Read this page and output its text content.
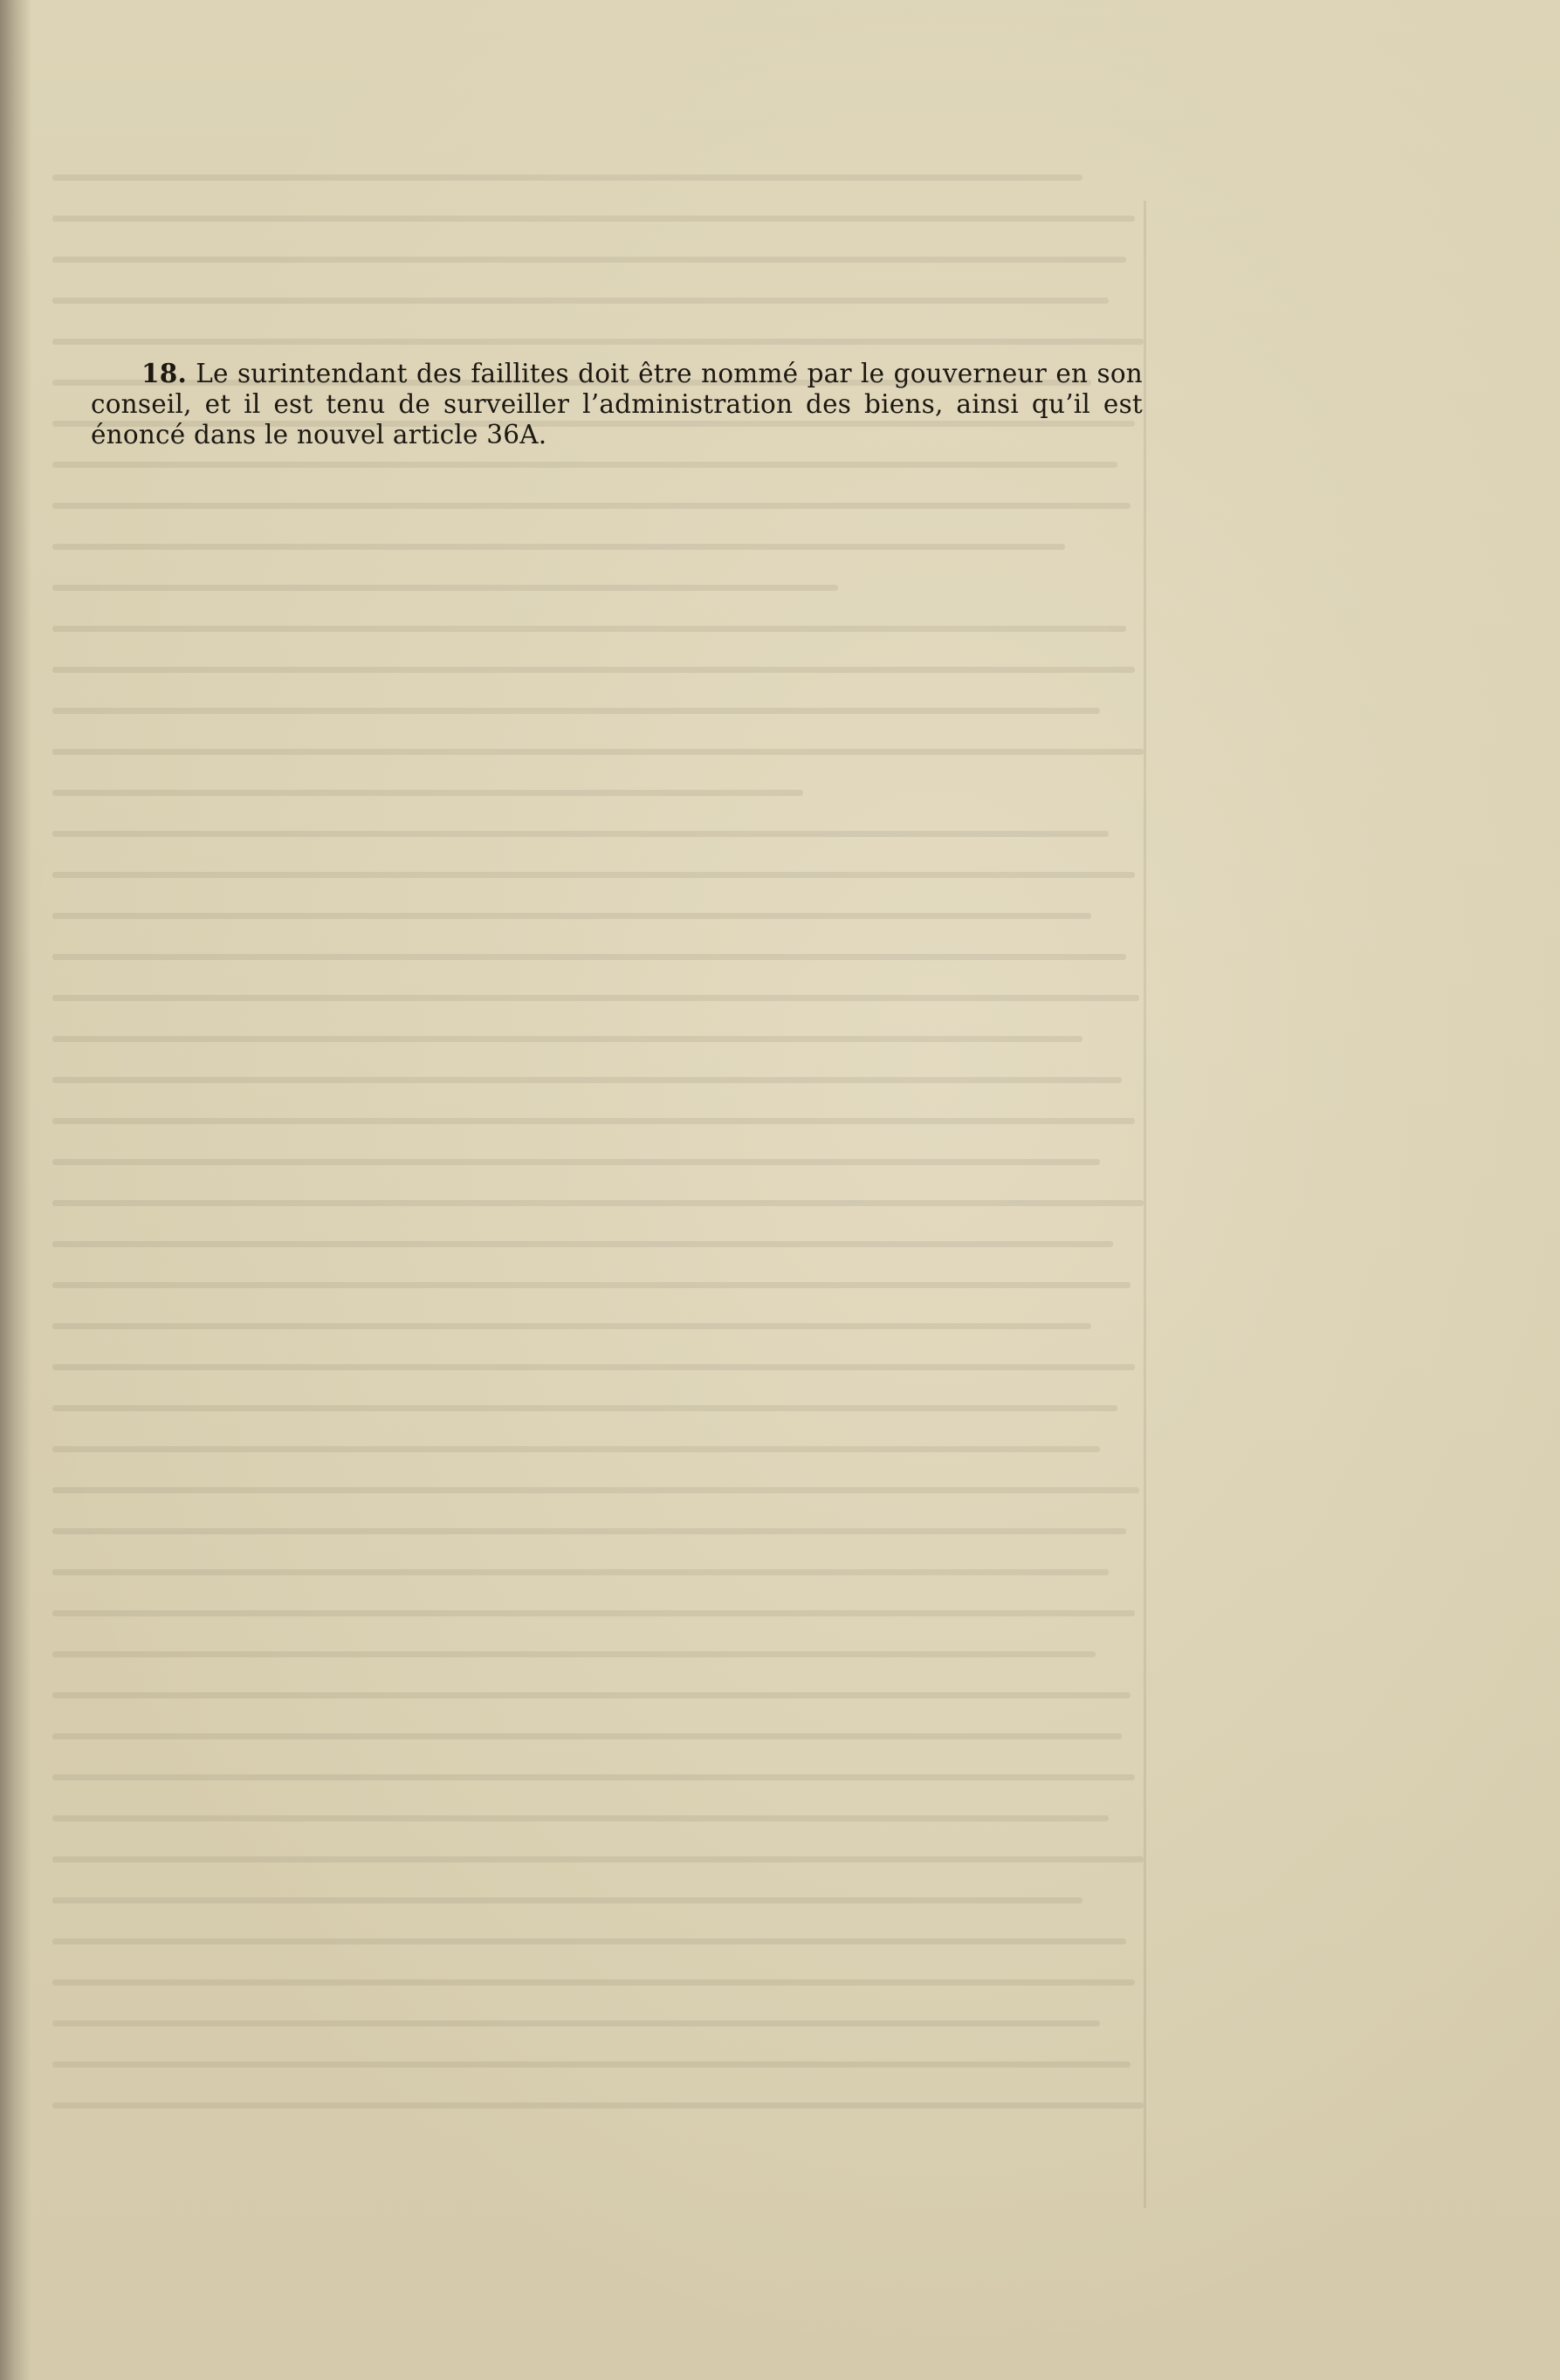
18. Le surintendant des faillites doit être nommé par le gouverneur en son conseil, et il est tenu de surveiller l’administration des biens, ainsi qu’il est énoncé dans le nouvel article 36A.
